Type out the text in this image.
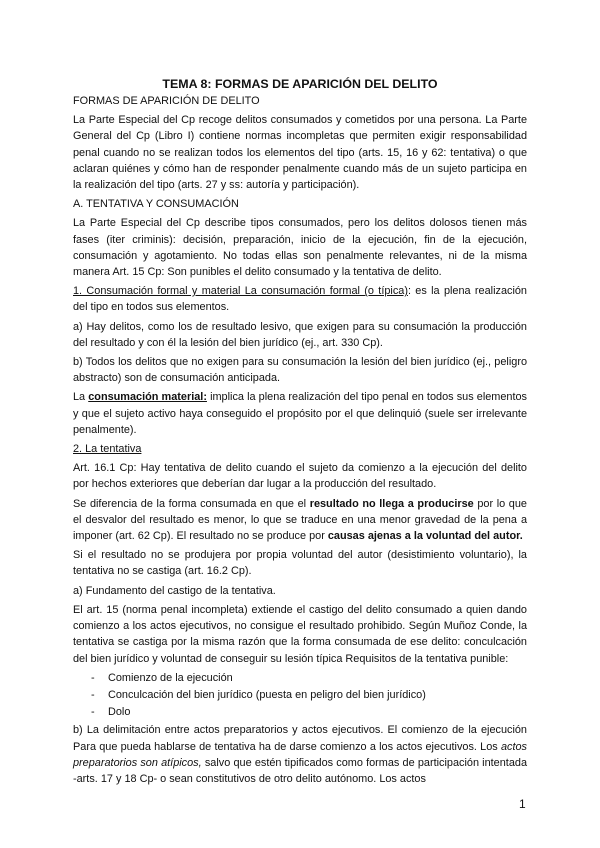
TEMA 8: FORMAS DE APARICIÓN DEL DELITO

FORMAS DE APARICIÓN DE DELITO

La Parte Especial del Cp recoge delitos consumados y cometidos por una persona. La Parte General del Cp (Libro I) contiene normas incompletas que permiten exigir responsabilidad penal cuando no se realizan todos los elementos del tipo (arts. 15, 16 y 62: tentativa) o que aclaran quiénes y cómo han de responder penalmente cuando más de un sujeto participa en la realización del tipo (arts. 27 y ss: autoría y participación).

A. TENTATIVA Y CONSUMACIÓN

La Parte Especial del Cp describe tipos consumados, pero los delitos dolosos tienen más fases (iter criminis): decisión, preparación, inicio de la ejecución, fin de la ejecución, consumación y agotamiento. No todas ellas son penalmente relevantes, ni de la misma manera Art. 15 Cp: Son punibles el delito consumado y la tentativa de delito.

1. Consumación formal y material La consumación formal (o típica): es la plena realización del tipo en todos sus elementos.

a) Hay delitos, como los de resultado lesivo, que exigen para su consumación la producción del resultado y con él la lesión del bien jurídico (ej., art. 330 Cp).

b) Todos los delitos que no exigen para su consumación la lesión del bien jurídico (ej., peligro abstracto) son de consumación anticipada.

La consumación material: implica la plena realización del tipo penal en todos sus elementos y que el sujeto activo haya conseguido el propósito por el que delinquió (suele ser irrelevante penalmente).

2. La tentativa

Art. 16.1 Cp: Hay tentativa de delito cuando el sujeto da comienzo a la ejecución del delito por hechos exteriores que deberían dar lugar a la producción del resultado.

Se diferencia de la forma consumada en que el resultado no llega a producirse por lo que el desvalor del resultado es menor, lo que se traduce en una menor gravedad de la pena a imponer (art. 62 Cp). El resultado no se produce por causas ajenas a la voluntad del autor.

Si el resultado no se produjera por propia voluntad del autor (desistimiento voluntario), la tentativa no se castiga (art. 16.2 Cp).

a) Fundamento del castigo de la tentativa.

El art. 15 (norma penal incompleta) extiende el castigo del delito consumado a quien dando comienzo a los actos ejecutivos, no consigue el resultado prohibido. Según Muñoz Conde, la tentativa se castiga por la misma razón que la forma consumada de ese delito: conculcación del bien jurídico y voluntad de conseguir su lesión típica Requisitos de la tentativa punible:

- Comienzo de la ejecución
- Conculcación del bien jurídico (puesta en peligro del bien jurídico)
- Dolo

b) La delimitación entre actos preparatorios y actos ejecutivos. El comienzo de la ejecución Para que pueda hablarse de tentativa ha de darse comienzo a los actos ejecutivos. Los actos preparatorios son atípicos, salvo que estén tipificados como formas de participación intentada -arts. 17 y 18 Cp- o sean constitutivos de otro delito autónomo. Los actos

1
